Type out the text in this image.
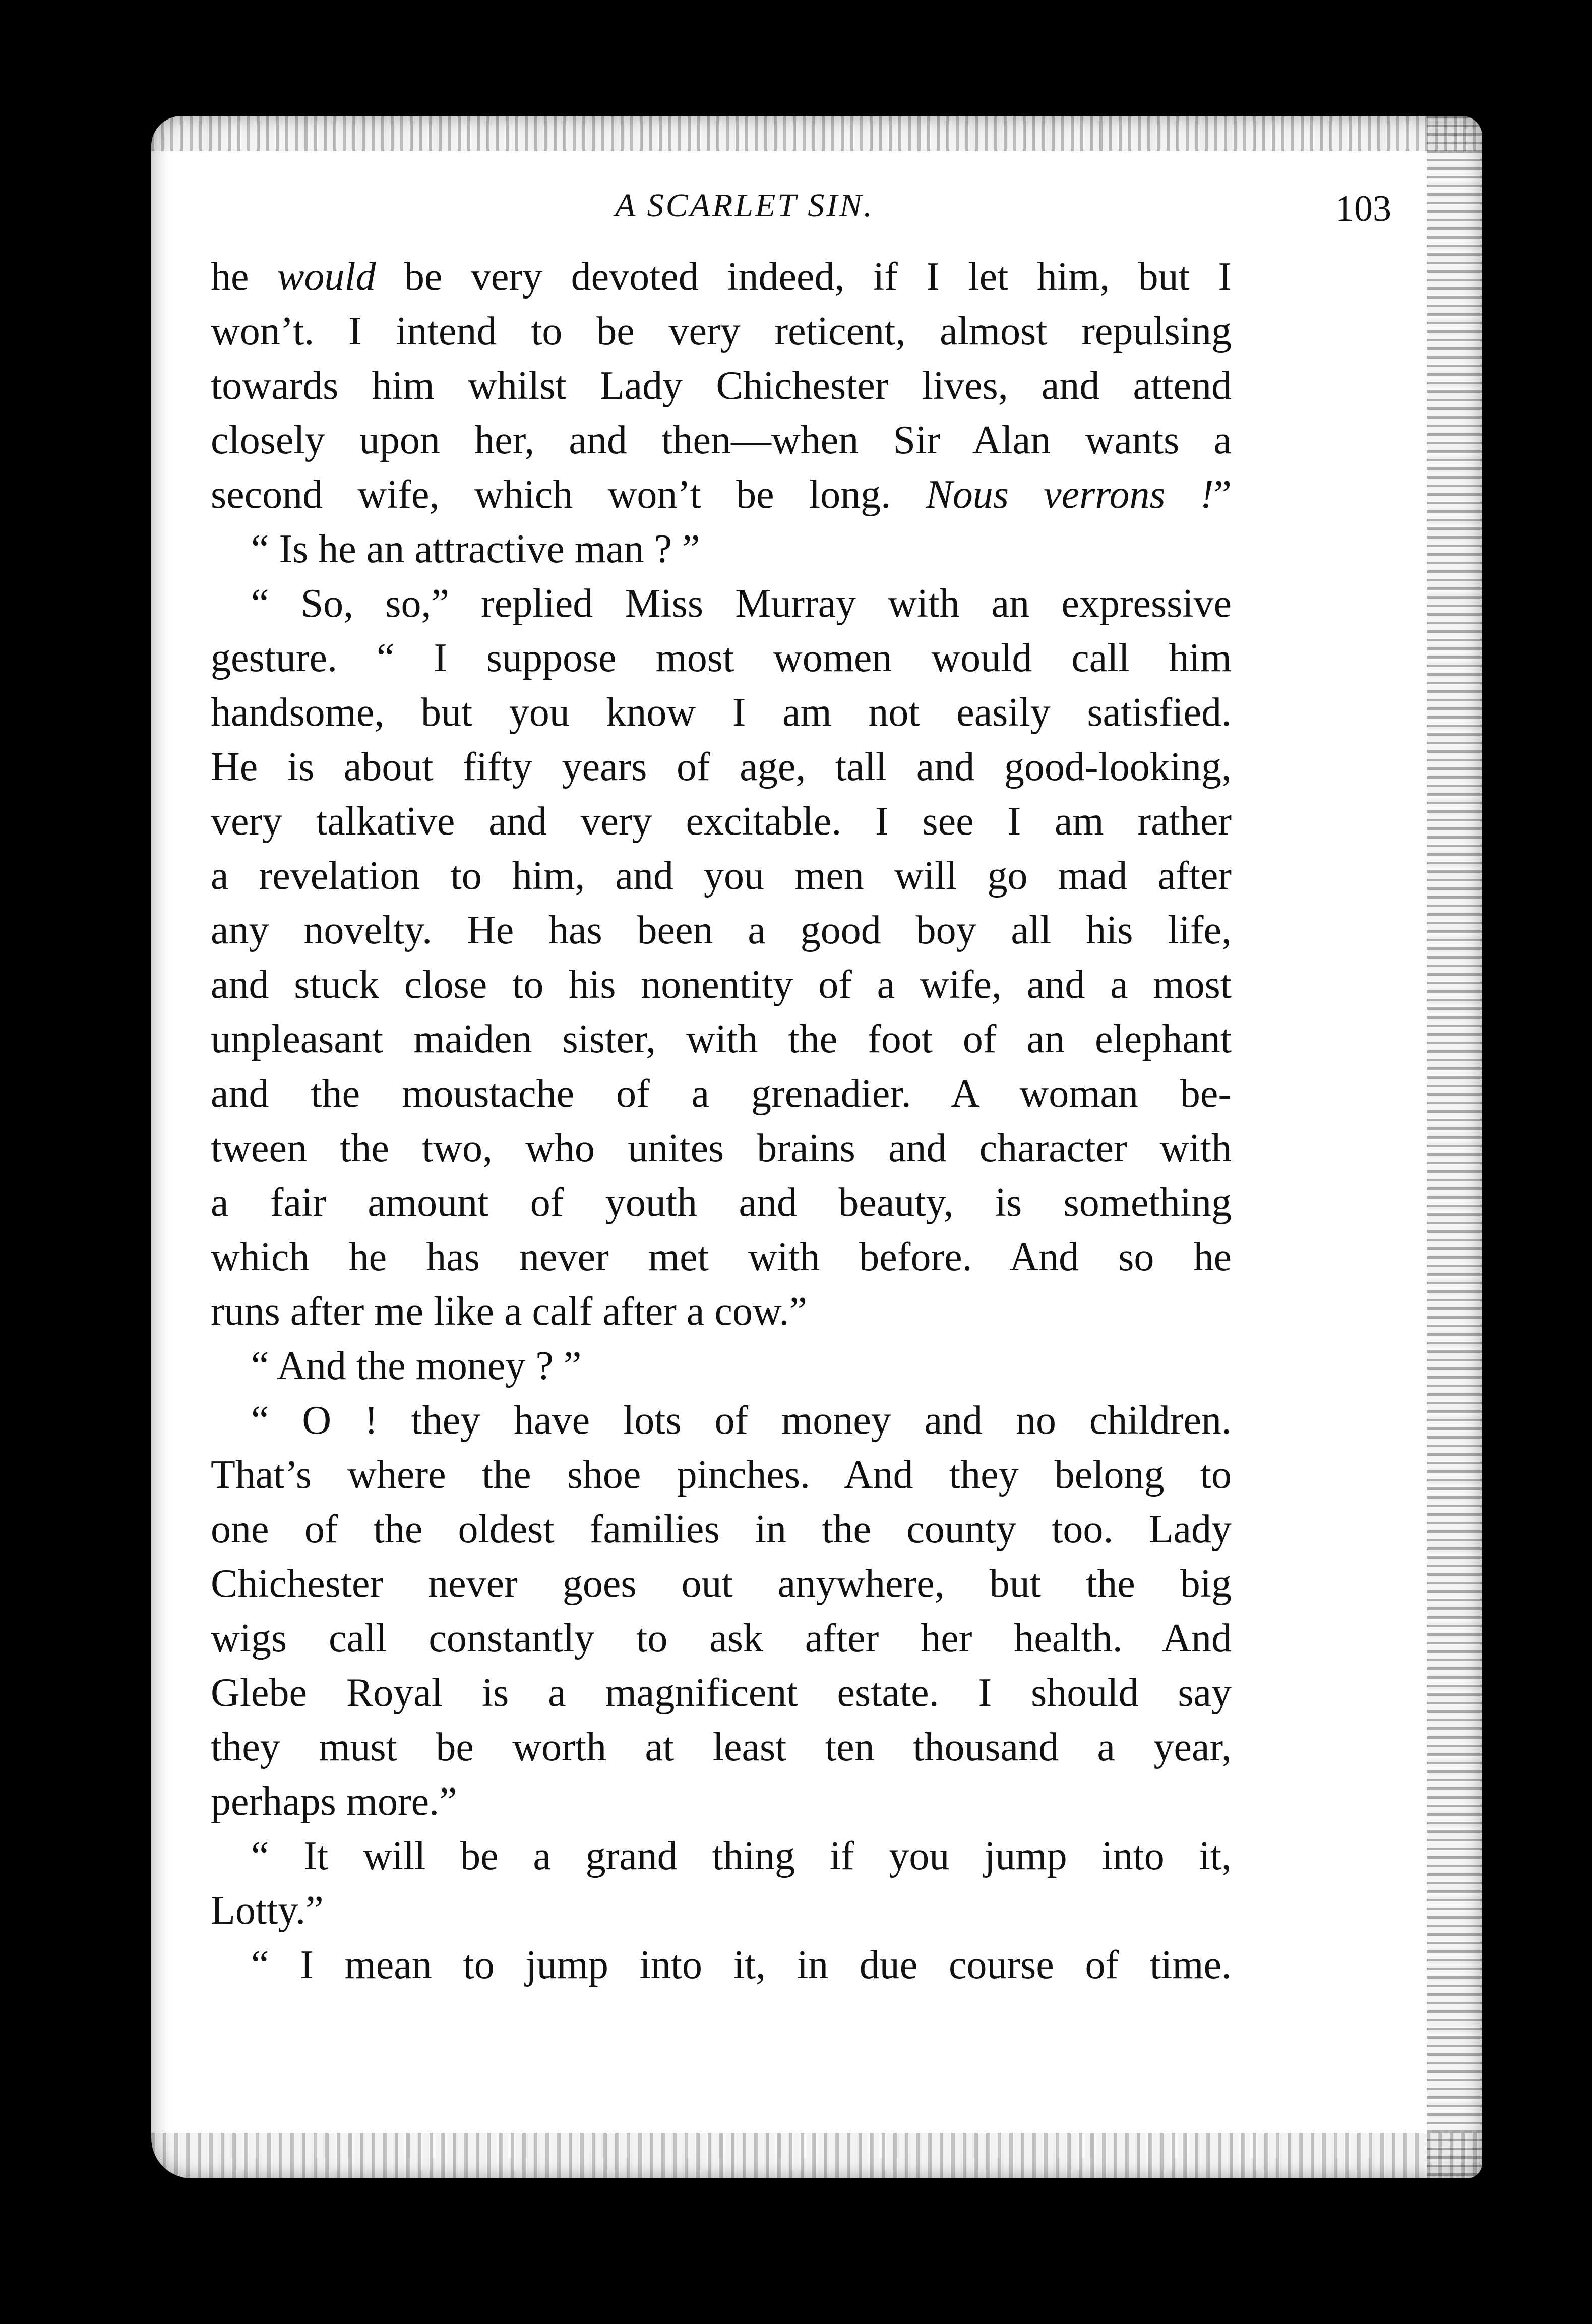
A SCARLET SIN.	103
he would be very devoted indeed, if I let him, but I
won’t. I intend to be very reticent, almost repulsing
towards him whilst Lady Chichester lives, and attend
closely upon her, and then—when Sir Alan wants a
second wife, which won’t be long. Nous verrons !”
“ Is he an attractive man ? ”
“ So, so,” replied Miss Murray with an expressive
gesture. “ I suppose most women would call him
handsome, but you know I am not easily satisfied.
He is about fifty years of age, tall and good-looking,
very talkative and very excitable. I see I am rather
a revelation to him, and you men will go mad after
any novelty. He has been a good boy all his life,
and stuck close to his nonentity of a wife, and a most
unpleasant maiden sister, with the foot of an elephant
and the moustache of a grenadier. A woman be-
tween the two, who unites brains and character with
a fair amount of youth and beauty, is something
which he has never met with before. And so he
runs after me like a calf after a cow.”
“ And the money ? ”
“ O ! they have lots of money and no children.
That’s where the shoe pinches. And they belong to
one of the oldest families in the county too. Lady
Chichester never goes out anywhere, but the big
wigs call constantly to ask after her health. And
Glebe Royal is a magnificent estate. I should say
they must be worth at least ten thousand a year,
perhaps more.”
“ It will be a grand thing if you jump into it,
Lotty.”
“ I mean to jump into it, in due course of time.
